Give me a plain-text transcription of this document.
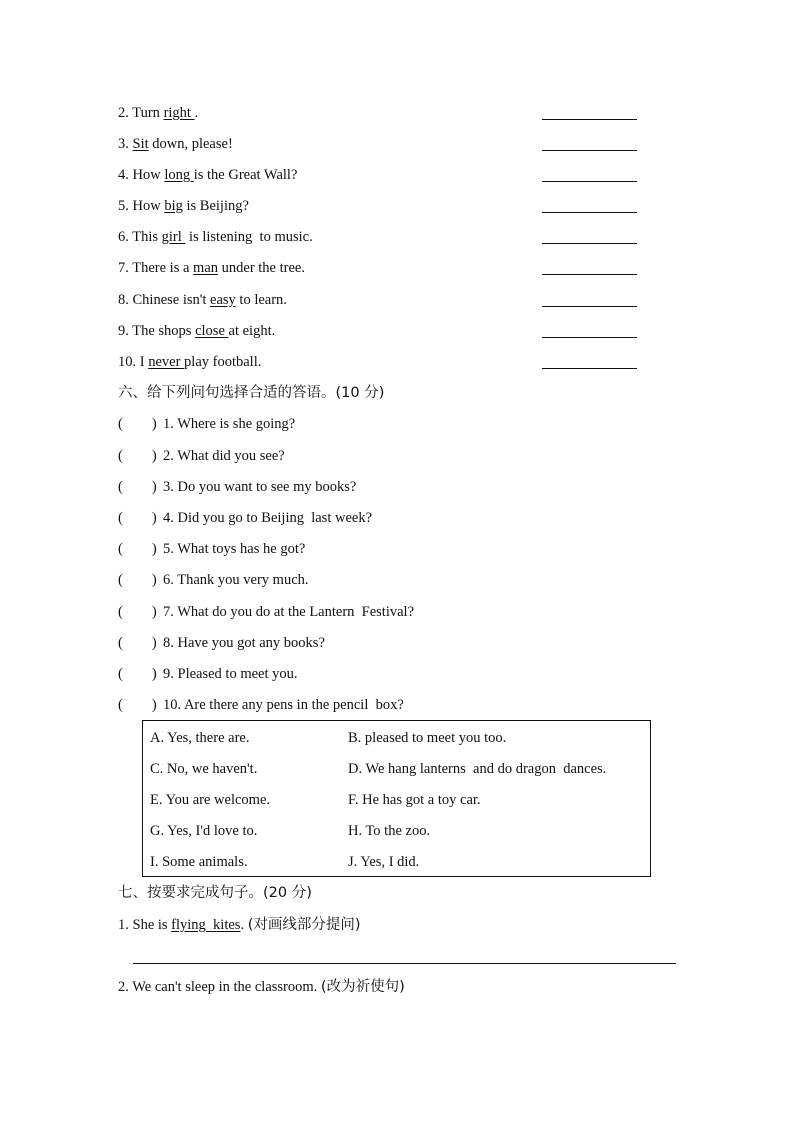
2. Turn right .
3. Sit down, please!
4. How long is the Great Wall?
5. How big is Beijing?
6. This girl  is listening  to music.
7. There is a man under the tree.
8. Chinese isn't easy to learn.
9. The shops close at eight.
10. I never play football.
六、给下列问句选择合适的答语。(10 分)
(        ) 1. Where is she going?
(        ) 2. What did you see?
(        ) 3. Do you want to see my books?
(        ) 4. Did you go to Beijing  last week?
(        ) 5. What toys has he got?
(        ) 6. Thank you very much.
(        ) 7. What do you do at the Lantern  Festival?
(        ) 8. Have you got any books?
(        ) 9. Pleased to meet you.
(        ) 10. Are there any pens in the pencil  box?
A. Yes, there are.	B. pleased to meet you too.
C. No, we haven't.	D. We hang lanterns  and do dragon  dances.
E. You are welcome.	F. He has got a toy car.
G. Yes, I'd love to.	H. To the zoo.
I. Some animals.	J. Yes, I did.
七、按要求完成句子。(20 分)
1. She is flying  kites. (对画线部分提问)
2. We can't sleep in the classroom. (改为祈使句)
